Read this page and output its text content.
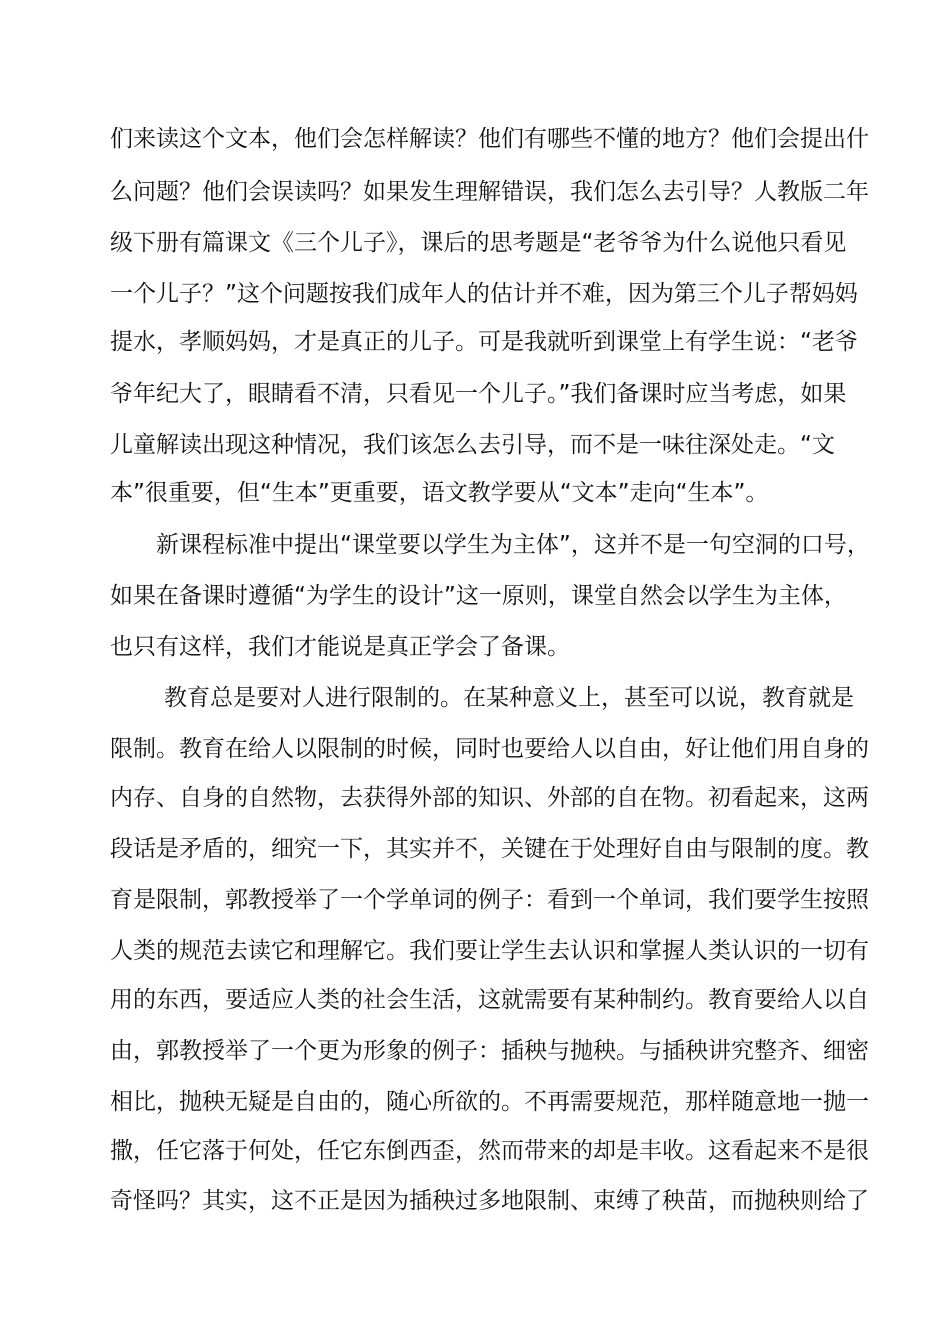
们来读这个文本，他们会怎样解读？他们有哪些不懂的地方？他们会提出什
么问题？他们会误读吗？如果发生理解错误，我们怎么去引导？人教版二年
级下册有篇课文《三个儿子》，课后的思考题是“老爷爷为什么说他只看见
一个儿子？”这个问题按我们成年人的估计并不难，因为第三个儿子帮妈妈
提水，孝顺妈妈，才是真正的儿子。可是我就听到课堂上有学生说：“老爷
爷年纪大了，眼睛看不清，只看见一个儿子。”我们备课时应当考虑，如果
儿童解读出现这种情况，我们该怎么去引导，而不是一味往深处走。“文
本”很重要，但“生本”更重要，语文教学要从“文本”走向“生本”。
新课程标准中提出“课堂要以学生为主体”，这并不是一句空洞的口号，
如果在备课时遵循“为学生的设计”这一原则，课堂自然会以学生为主体，
也只有这样，我们才能说是真正学会了备课。
教育总是要对人进行限制的。在某种意义上，甚至可以说，教育就是
限制。教育在给人以限制的时候，同时也要给人以自由，好让他们用自身的
内存、自身的自然物，去获得外部的知识、外部的自在物。初看起来，这两
段话是矛盾的，细究一下，其实并不，关键在于处理好自由与限制的度。教
育是限制，郭教授举了一个学单词的例子：看到一个单词，我们要学生按照
人类的规范去读它和理解它。我们要让学生去认识和掌握人类认识的一切有
用的东西，要适应人类的社会生活，这就需要有某种制约。教育要给人以自
由，郭教授举了一个更为形象的例子：插秧与抛秧。与插秧讲究整齐、细密
相比，抛秧无疑是自由的，随心所欲的。不再需要规范，那样随意地一抛一
撒，任它落于何处，任它东倒西歪，然而带来的却是丰收。这看起来不是很
奇怪吗？其实，这不正是因为插秧过多地限制、束缚了秧苗，而抛秧则给了
